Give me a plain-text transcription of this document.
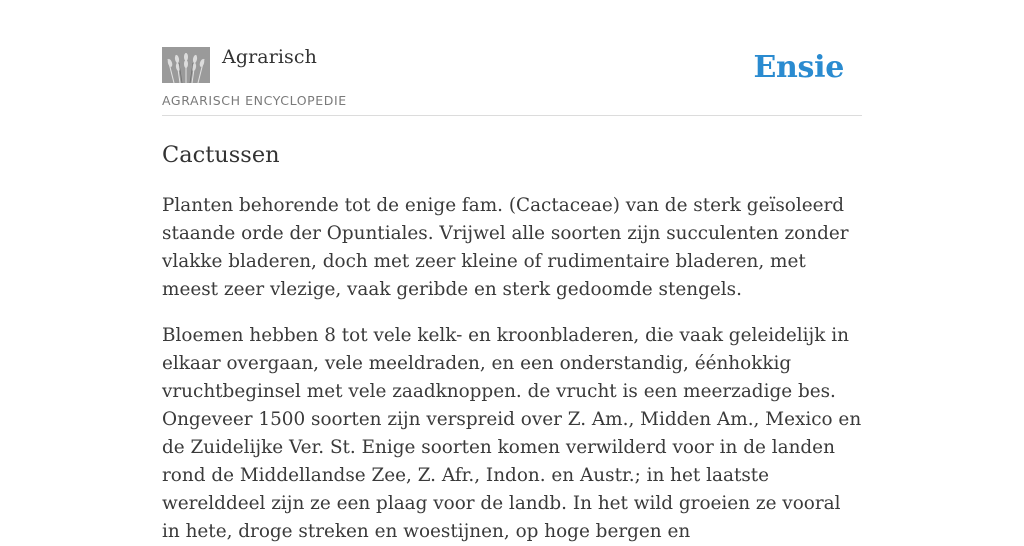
Agrarisch
AGRARISCH ENCYCLOPEDIE
Ensie
Cactussen

Planten behorende tot de enige fam. (Cactaceae) van de sterk geïsoleerd staande orde der Opuntiales. Vrijwel alle soorten zijn succulenten zonder vlakke bladeren, doch met zeer kleine of rudimentaire bladeren, met meest zeer vlezige, vaak geribde en sterk gedoomde stengels.

Bloemen hebben 8 tot vele kelk- en kroonbladeren, die vaak geleidelijk in elkaar overgaan, vele meeldraden, en een onderstandig, éénhokkig vruchtbeginsel met vele zaadknoppen. de vrucht is een meerzadige bes. Ongeveer 1500 soorten zijn verspreid over Z. Am., Midden Am., Mexico en de Zuidelijke Ver. St. Enige soorten komen verwilderd voor in de landen rond de Middellandse Zee, Z. Afr., Indon. en Austr.; in het laatste werelddeel zijn ze een plaag voor de landb. In het wild groeien ze vooral in hete, droge streken en woestijnen, op hoge bergen en
